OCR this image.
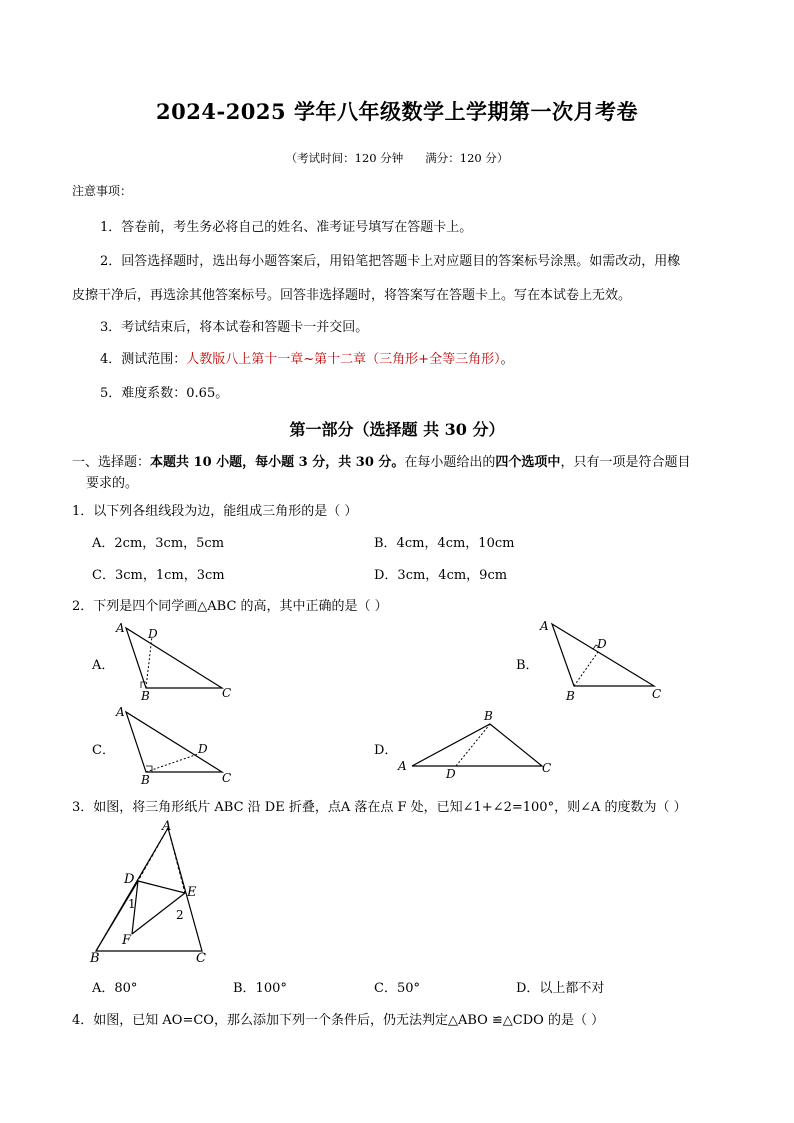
2024-2025 学年八年级数学上学期第一次月考卷
（考试时间：120 分钟 满分：120 分）
注意事项：
1．答卷前，考生务必将自己的姓名、准考证号填写在答题卡上。
2．回答选择题时，选出每小题答案后，用铅笔把答题卡上对应题目的答案标号涂黑。如需改动，用橡
皮擦干净后，再选涂其他答案标号。回答非选择题时，将答案写在答题卡上。写在本试卷上无效。
3．考试结束后，将本试卷和答题卡一并交回。
4．测试范围：人教版八上第十一章~第十二章（三角形+全等三角形）。
5．难度系数：0.65。
第一部分（选择题 共 30 分）
一、选择题：本题共 10 小题，每小题 3 分，共 30 分。在每小题给出的四个选项中，只有一项是符合题目
要求的。
1．以下列各组线段为边，能组成三角形的是（ ）
A．2cm，3cm，5cm	B．4cm，4cm，10cm
C．3cm，1cm，3cm	D．3cm，4cm，9cm
2．下列是四个同学画△ABC 的高，其中正确的是（ ）
A．	B．
C．	D．
A D
B	C
A
D
B	C
A
D
B	C
A
B
D	C
3．如图，将三角形纸片 ABC 沿 DE 折叠，点A 落在点 F 处，已知∠1+∠2=100°，则∠A 的度数为（ ）
A
D
E
F
B	C
1
2
A．80°	B．100°	C．50°	D．以上都不对
4．如图，已知 AO=CO，那么添加下列一个条件后，仍无法判定△ABO ≌△CDO 的是（ ）
